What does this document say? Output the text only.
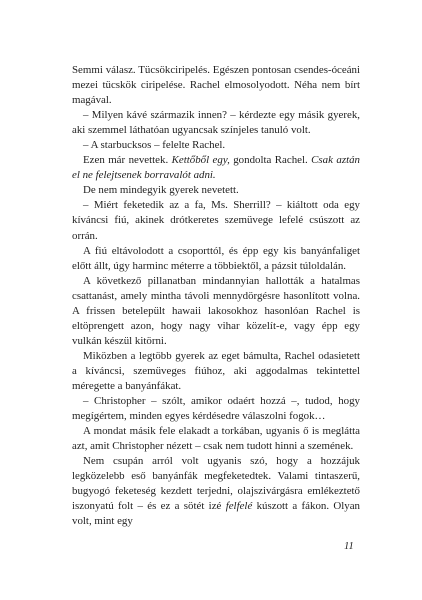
Semmi válasz. Tücsökciripelés. Egészen pontosan csendes-óceáni mezei tücskök ciripelése. Rachel elmosolyodott. Néha nem bírt magával.

– Milyen kávé származik innen? – kérdezte egy másik gyerek, aki szemmel láthatóan ugyancsak színjeles tanuló volt.

– A starbucksos – felelte Rachel.

Ezen már nevettek. Kettőből egy, gondolta Rachel. Csak aztán el ne felejtsenek borravalót adni.

De nem mindegyik gyerek nevetett.

– Miért feketedik az a fa, Ms. Sherrill? – kiáltott oda egy kíváncsi fiú, akinek drótkeretes szemüvege lefelé csúszott az orrán.

A fiú eltávolodott a csoporttól, és épp egy kis banyánfaliget előtt állt, úgy harminc méterre a többiektől, a pázsit túloldalán.

A következő pillanatban mindannyian hallották a hatalmas csattanást, amely mintha távoli mennydörgésre hasonlított volna. A frissen betelepült hawaii lakosokhoz hasonlóan Rachel is eltöprengett azon, hogy nagy vihar közelít-e, vagy épp egy vulkán készül kitörni.

Miközben a legtöbb gyerek az eget bámulta, Rachel odasietett a kíváncsi, szemüveges fiúhoz, aki aggodalmas tekintettel méregette a banyánfákat.

– Christopher – szólt, amikor odaért hozzá –, tudod, hogy megígértem, minden egyes kérdésedre válaszolni fogok…

A mondat másik fele elakadt a torkában, ugyanis ő is meglátta azt, amit Christopher nézett – csak nem tudott hinni a szemének.

Nem csupán arról volt ugyanis szó, hogy a hozzájuk legközelebb eső banyánfák megfeketedtek. Valami tintaszerű, bugyogó feketeség kezdett terjedni, olajszivárgásra emlékeztető iszonyatú folt – és ez a sötét izé felfelé kúszott a fákon. Olyan volt, mint egy

11
